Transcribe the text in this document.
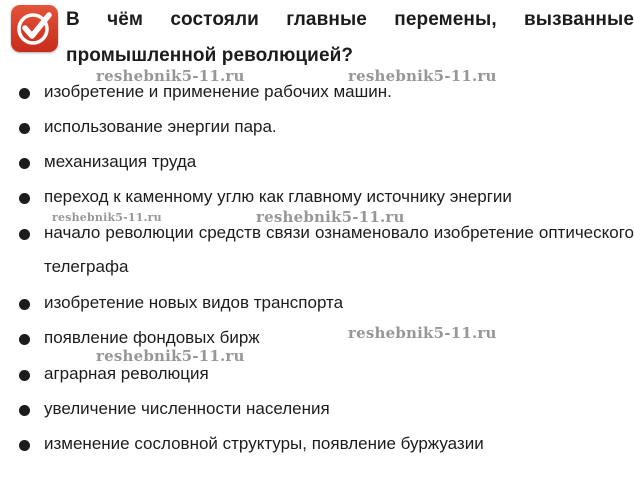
В чём состояли главные перемены, вызванные промышленной революцией?

изобретение и применение рабочих машин.
использование энергии пара.
механизация труда
переход к каменному углю как главному источнику энергии
начало революции средств связи ознаменовало изобретение оптического телеграфа
изобретение новых видов транспорта
появление фондовых бирж
аграрная революция
увеличение численности населения
изменение сословной структуры, появление буржуазии
reshebnik5-11.ru	reshebnik5-11.ru
reshebnik5-11.ru	reshebnik5-11.ru
reshebnik5-11.ru
reshebnik5-11.ru
